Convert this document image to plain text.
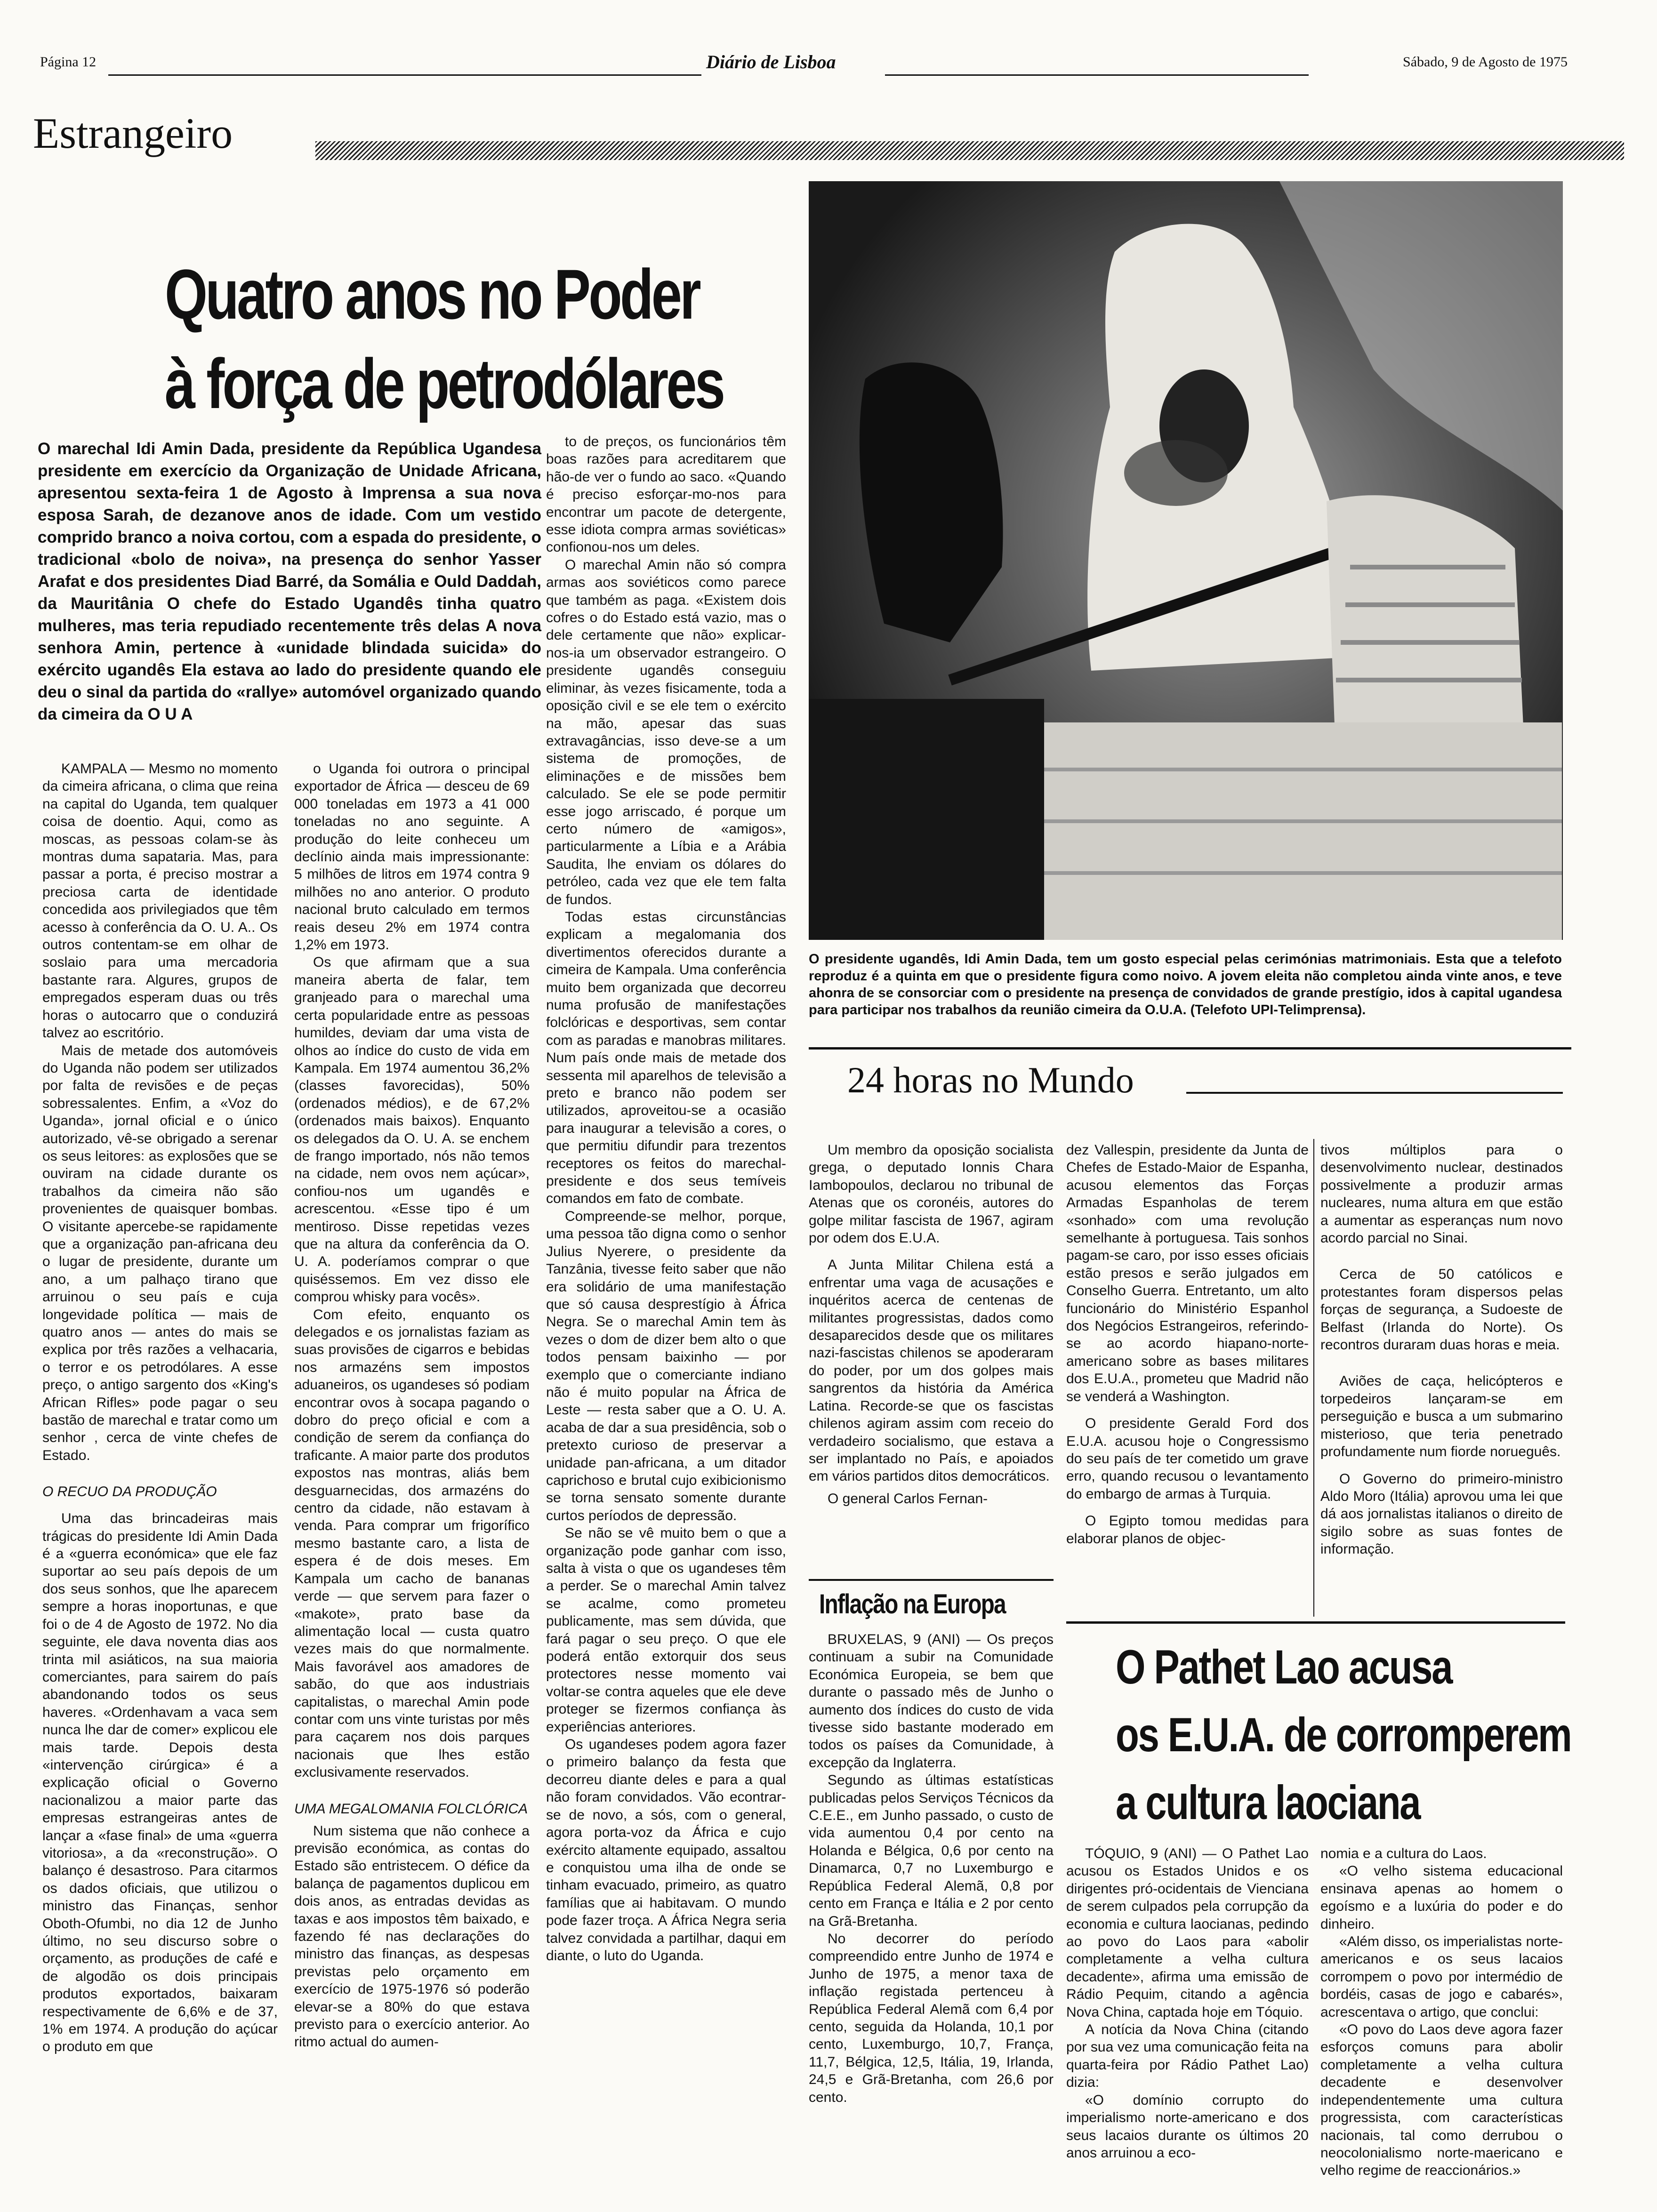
Página 12	Diário de Lisboa	Sábado, 9 de Agosto de 1975
Estrangeiro
Quatro anos no Poder
à força de petrodólares
O marechal Idi Amin Dada, presidente da República Ugandesa presidente em exercício da Organização de Unidade Africana, apresentou sexta-feira 1 de Agosto à Imprensa a sua nova esposa Sarah, de dezanove anos de idade. Com um vestido comprido branco a noiva cortou, com a espada do presidente, o tradicional «bolo de noiva», na presença do senhor Yasser Arafat e dos presidentes Diad Barré, da Somália e Ould Daddah, da Mauritânia O chefe do Estado Ugandês tinha quatro mulheres, mas teria repudiado recentemente três delas A nova senhora Amin, pertence à «unidade blindada suicida» do exército ugandês Ela estava ao lado do presidente quando ele deu o sinal da partida do «rallye» automóvel organizado quando da cimeira da O U A

KAMPALA — Mesmo no momento da cimeira africana, o clima que reina na capital do Uganda, tem qualquer coisa de doentio. Aqui, como as moscas, as pessoas colam-se às montras duma sapataria. Mas, para passar a porta, é preciso mostrar a preciosa carta de identidade concedida aos privilegiados que têm acesso à conferência da O. U. A.. Os outros contentam-se em olhar de soslaio para uma mercadoria bastante rara. Algures, grupos de empregados esperam duas ou três horas o autocarro que o conduzirá talvez ao escritório.

Mais de metade dos automóveis do Uganda não podem ser utilizados por falta de revisões e de peças sobressalentes. Enfim, a «Voz do Uganda», jornal oficial e o único autorizado, vê-se obrigado a serenar os seus leitores: as explosões que se ouviram na cidade durante os trabalhos da cimeira não são provenientes de quaisquer bombas. O visitante apercebe-se rapidamente que a organização pan-africana deu o lugar de presidente, durante um ano, a um palhaço tirano que arruinou o seu país e cuja longevidade política — mais de quatro anos — antes do mais se explica por três razões a velhacaria, o terror e os petrodólares. A esse preço, o antigo sargento dos «King's African Rifles» pode pagar o seu bastão de marechal e tratar como um senhor , cerca de vinte chefes de Estado.

O RECUO DA PRODUÇÃO

Uma das brincadeiras mais trágicas do presidente Idi Amin Dada é a «guerra económica» que ele faz suportar ao seu país depois de um dos seus sonhos, que lhe aparecem sempre a horas inoportunas, e que foi o de 4 de Agosto de 1972. No dia seguinte, ele dava noventa dias aos trinta mil asiáticos, na sua maioria comerciantes, para sairem do país abandonando todos os seus haveres. «Ordenhavam a vaca sem nunca lhe dar de comer» explicou ele mais tarde. Depois desta «intervenção cirúrgica» é a explicação oficial o Governo nacionalizou a maior parte das empresas estrangeiras antes de lançar a «fase final» de uma «guerra vitoriosa», a da «reconstrução». O balanço é desastroso. Para citarmos os dados oficiais, que utilizou o ministro das Finanças, senhor Oboth-Ofumbi, no dia 12 de Junho último, no seu discurso sobre o orçamento, as produções de café e de algodão os dois principais produtos exportados, baixaram respectivamente de 6,6% e de 37, 1% em 1974. A produção do açúcar o produto em que

o Uganda foi outrora o principal exportador de África — desceu de 69 000 toneladas em 1973 a 41 000 toneladas no ano seguinte. A produção do leite conheceu um declínio ainda mais impressionante: 5 milhões de litros em 1974 contra 9 milhões no ano anterior. O produto nacional bruto calculado em termos reais deseu 2% em 1974 contra 1,2% em 1973.

Os que afirmam que a sua maneira aberta de falar, tem granjeado para o marechal uma certa popularidade entre as pessoas humildes, deviam dar uma vista de olhos ao índice do custo de vida em Kampala. Em 1974 aumentou 36,2% (classes favorecidas), 50% (ordenados médios), e de 67,2% (ordenados mais baixos). Enquanto os delegados da O. U. A. se enchem de frango importado, nós não temos na cidade, nem ovos nem açúcar», confiou-nos um ugandês e acrescentou. «Esse tipo é um mentiroso. Disse repetidas vezes que na altura da conferência da O. U. A. poderíamos comprar o que quiséssemos. Em vez disso ele comprou whisky para vocês».

Com efeito, enquanto os delegados e os jornalistas faziam as suas provisões de cigarros e bebidas nos armazéns sem impostos aduaneiros, os ugandeses só podiam encontrar ovos à socapa pagando o dobro do preço oficial e com a condição de serem da confiança do traficante. A maior parte dos produtos expostos nas montras, aliás bem desguarnecidas, dos armazéns do centro da cidade, não estavam à venda. Para comprar um frigorífico mesmo bastante caro, a lista de espera é de dois meses. Em Kampala um cacho de bananas verde — que servem para fazer o «makote», prato base da alimentação local — custa quatro vezes mais do que normalmente. Mais favorável aos amadores de sabão, do que aos industriais capitalistas, o marechal Amin pode contar com uns vinte turistas por mês para caçarem nos dois parques nacionais que lhes estão exclusivamente reservados.

UMA MEGALOMANIA FOLCLÓRICA

Num sistema que não conhece a previsão económica, as contas do Estado são entristecem. O défice da balança de pagamentos duplicou em dois anos, as entradas devidas as taxas e aos impostos têm baixado, e fazendo fé nas declarações do ministro das finanças, as despesas previstas pelo orçamento em exercício de 1975-1976 só poderão elevar-se a 80% do que estava previsto para o exercício anterior. Ao ritmo actual do aumen-

to de preços, os funcionários têm boas razões para acreditarem que hão-de ver o fundo ao saco. «Quando é preciso esforçar-mo-nos para encontrar um pacote de detergente, esse idiota compra armas soviéticas» confionou-nos um deles.

O marechal Amin não só compra armas aos soviéticos como parece que também as paga. «Existem dois cofres o do Estado está vazio, mas o dele certamente que não» explicar-nos-ia um observador estrangeiro. O presidente ugandês conseguiu eliminar, às vezes fisicamente, toda a oposição civil e se ele tem o exército na mão, apesar das suas extravagâncias, isso deve-se a um sistema de promoções, de eliminações e de missões bem calculado. Se ele se pode permitir esse jogo arriscado, é porque um certo número de «amigos», particularmente a Líbia e a Arábia Saudita, lhe enviam os dólares do petróleo, cada vez que ele tem falta de fundos.

Todas estas circunstâncias explicam a megalomania dos divertimentos oferecidos durante a cimeira de Kampala. Uma conferência muito bem organizada que decorreu numa profusão de manifestações folclóricas e desportivas, sem contar com as paradas e manobras militares. Num país onde mais de metade dos sessenta mil aparelhos de televisão a preto e branco não podem ser utilizados, aproveitou-se a ocasião para inaugurar a televisão a cores, o que permitiu difundir para trezentos receptores os feitos do marechal-presidente e dos seus temíveis comandos em fato de combate.

Compreende-se melhor, porque, uma pessoa tão digna como o senhor Julius Nyerere, o presidente da Tanzânia, tivesse feito saber que não era solidário de uma manifestação que só causa desprestígio à África Negra. Se o marechal Amin tem às vezes o dom de dizer bem alto o que todos pensam baixinho — por exemplo que o comerciante indiano não é muito popular na África de Leste — resta saber que a O. U. A. acaba de dar a sua presidência, sob o pretexto curioso de preservar a unidade pan-africana, a um ditador caprichoso e brutal cujo exibicionismo se torna sensato somente durante curtos períodos de depressão.

Se não se vê muito bem o que a organização pode ganhar com isso, salta à vista o que os ugandeses têm a perder. Se o marechal Amin talvez se acalme, como prometeu publicamente, mas sem dúvida, que fará pagar o seu preço. O que ele poderá então extorquir dos seus protectores nesse momento vai voltar-se contra aqueles que ele deve proteger se fizermos confiança às experiências anteriores.

Os ugandeses podem agora fazer o primeiro balanço da festa que decorreu diante deles e para a qual não foram convidados. Vão econtrar-se de novo, a sós, com o general, agora porta-voz da África e cujo exército altamente equipado, assaltou e conquistou uma ilha de onde se tinham evacuado, primeiro, as quatro famílias que ai habitavam. O mundo pode fazer troça. A África Negra seria talvez convidada a partilhar, daqui em diante, o luto do Uganda.

O presidente ugandês, Idi Amin Dada, tem um gosto especial pelas cerimónias matrimoniais. Esta que a telefoto reproduz é a quinta em que o presidente figura como noivo. A jovem eleita não completou ainda vinte anos, e teve ahonra de se consorciar com o presidente na presença de convidados de grande prestígio, idos à capital ugandesa para participar nos trabalhos da reunião cimeira da O.U.A. (Telefoto UPI-Telimprensa).
24 horas no Mundo

Um membro da oposição socialista grega, o deputado Ionnis Chara Iambopoulos, declarou no tribunal de Atenas que os coronéis, autores do golpe militar fascista de 1967, agiram por odem dos E.U.A.

A Junta Militar Chilena está a enfrentar uma vaga de acusações e inquéritos acerca de centenas de militantes progressistas, dados como desaparecidos desde que os militares nazi-fascistas chilenos se apoderaram do poder, por um dos golpes mais sangrentos da história da América Latina. Recorde-se que os fascistas chilenos agiram assim com receio do verdadeiro socialismo, que estava a ser implantado no País, e apoiados em vários partidos ditos democráticos.

O general Carlos Fernan-

dez Vallespin, presidente da Junta de Chefes de Estado-Maior de Espanha, acusou elementos das Forças Armadas Espanholas de terem «sonhado» com uma revolução semelhante à portuguesa. Tais sonhos pagam-se caro, por isso esses oficiais estão presos e serão julgados em Conselho Guerra. Entretanto, um alto funcionário do Ministério Espanhol dos Negócios Estrangeiros, referindo-se ao acordo hiapano-norte-americano sobre as bases militares dos E.U.A., prometeu que Madrid não se venderá a Washington.

O presidente Gerald Ford dos E.U.A. acusou hoje o Congressismo do seu país de ter cometido um grave erro, quando recusou o levantamento do embargo de armas à Turquia.

O Egipto tomou medidas para elaborar planos de objec-

tivos múltiplos para o desenvolvimento nuclear, destinados possivelmente a produzir armas nucleares, numa altura em que estão a aumentar as esperanças num novo acordo parcial no Sinai.

Cerca de 50 católicos e protestantes foram dispersos pelas forças de segurança, a Sudoeste de Belfast (Irlanda do Norte). Os recontros duraram duas horas e meia.

Aviões de caça, helicópteros e torpedeiros lançaram-se em perseguição e busca a um submarino misterioso, que teria penetrado profundamente num fiorde norueguês.

O Governo do primeiro-ministro Aldo Moro (Itália) aprovou uma lei que dá aos jornalistas italianos o direito de sigilo sobre as suas fontes de informação.

Inflação na Europa

BRUXELAS, 9 (ANI) — Os preços continuam a subir na Comunidade Económica Europeia, se bem que durante o passado mês de Junho o aumento dos índices do custo de vida tivesse sido bastante moderado em todos os países da Comunidade, à excepção da Inglaterra.

Segundo as últimas estatísticas publicadas pelos Serviços Técnicos da C.E.E., em Junho passado, o custo de vida aumentou 0,4 por cento na Holanda e Bélgica, 0,6 por cento na Dinamarca, 0,7 no Luxemburgo e República Federal Alemã, 0,8 por cento em França e Itália e 2 por cento na Grã-Bretanha.

No decorrer do período compreendido entre Junho de 1974 e Junho de 1975, a menor taxa de inflação registada pertenceu à República Federal Alemã com 6,4 por cento, seguida da Holanda, 10,1 por cento, Luxemburgo, 10,7, França, 11,7, Bélgica, 12,5, Itália, 19, Irlanda, 24,5 e Grã-Bretanha, com 26,6 por cento.

O Pathet Lao acusa
os E.U.A. de corromperem
a cultura laociana

TÓQUIO, 9 (ANI) — O Pathet Lao acusou os Estados Unidos e os dirigentes pró-ocidentais de Vienciana de serem culpados pela corrupção da economia e cultura laocianas, pedindo ao povo do Laos para «abolir completamente a velha cultura decadente», afirma uma emissão de Rádio Pequim, citando a agência Nova China, captada hoje em Tóquio.

A notícia da Nova China (citando por sua vez uma comunicação feita na quarta-feira por Rádio Pathet Lao) dizia:

«O domínio corrupto do imperialismo norte-americano e dos seus lacaios durante os últimos 20 anos arruinou a eco-

nomia e a cultura do Laos.

«O velho sistema educacional ensinava apenas ao homem o egoísmo e a luxúria do poder e do dinheiro.

«Além disso, os imperialistas norte-americanos e os seus lacaios corrompem o povo por intermédio de bordéis, casas de jogo e cabarés», acrescentava o artigo, que conclui:

«O povo do Laos deve agora fazer esforços comuns para abolir completamente a velha cultura decadente e desenvolver independentemente uma cultura progressista, com características nacionais, tal como derrubou o neocolonialismo norte-maericano e velho regime de reaccionários.»
